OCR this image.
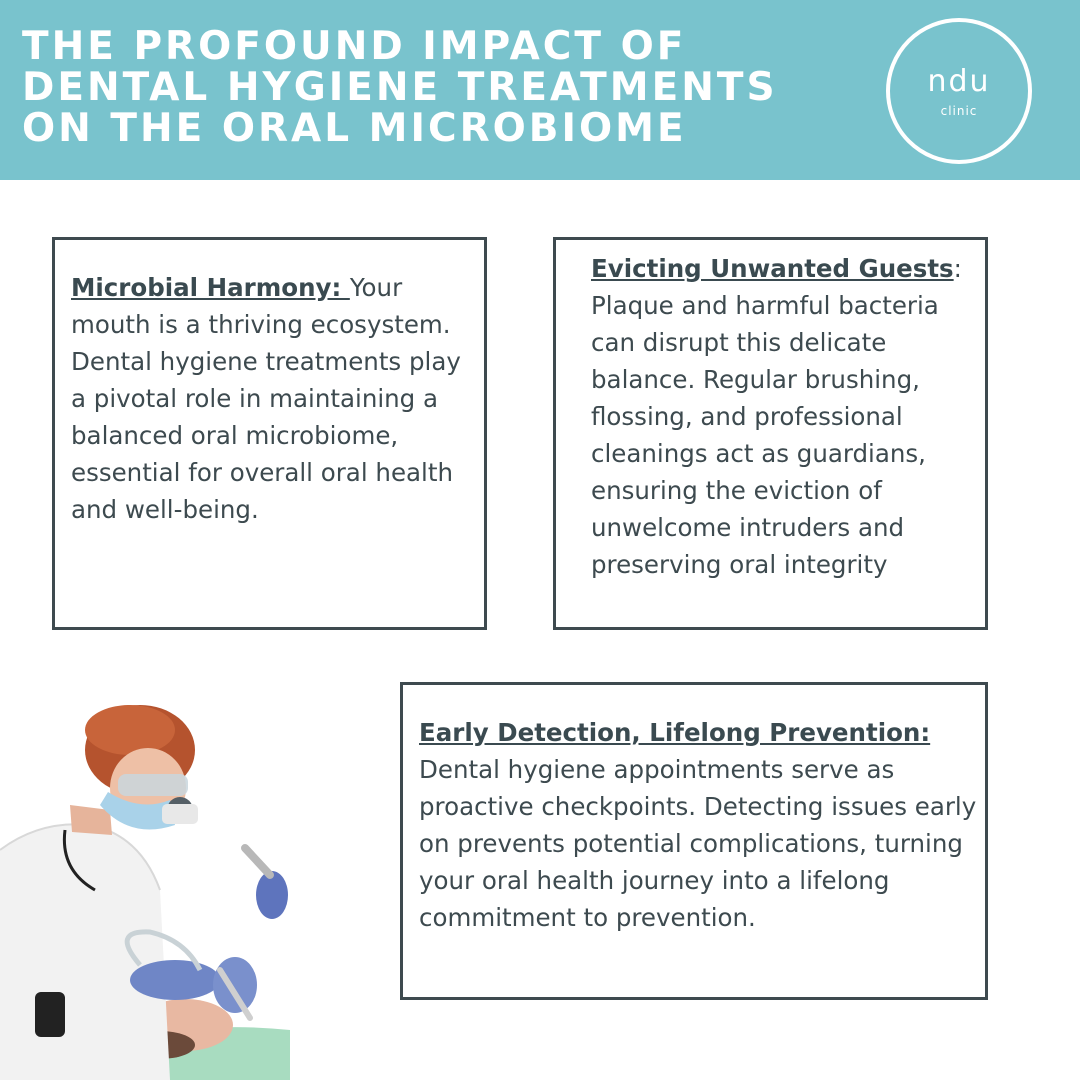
THE PROFOUND IMPACT OF
DENTAL HYGIENE TREATMENTS
ON THE ORAL MICROBIOME
ndu
clinic

Microbial Harmony: Your mouth is a thriving ecosystem. Dental hygiene treatments play a pivotal role in maintaining a balanced oral microbiome, essential for overall oral health and well-being.

Evicting Unwanted Guests: Plaque and harmful bacteria can disrupt this delicate balance. Regular brushing, flossing, and professional cleanings act as guardians, ensuring the eviction of unwelcome intruders and preserving oral integrity

Early Detection, Lifelong Prevention:
Dental hygiene appointments serve as proactive checkpoints. Detecting issues early on prevents potential complications, turning your oral health journey into a lifelong commitment to prevention.
